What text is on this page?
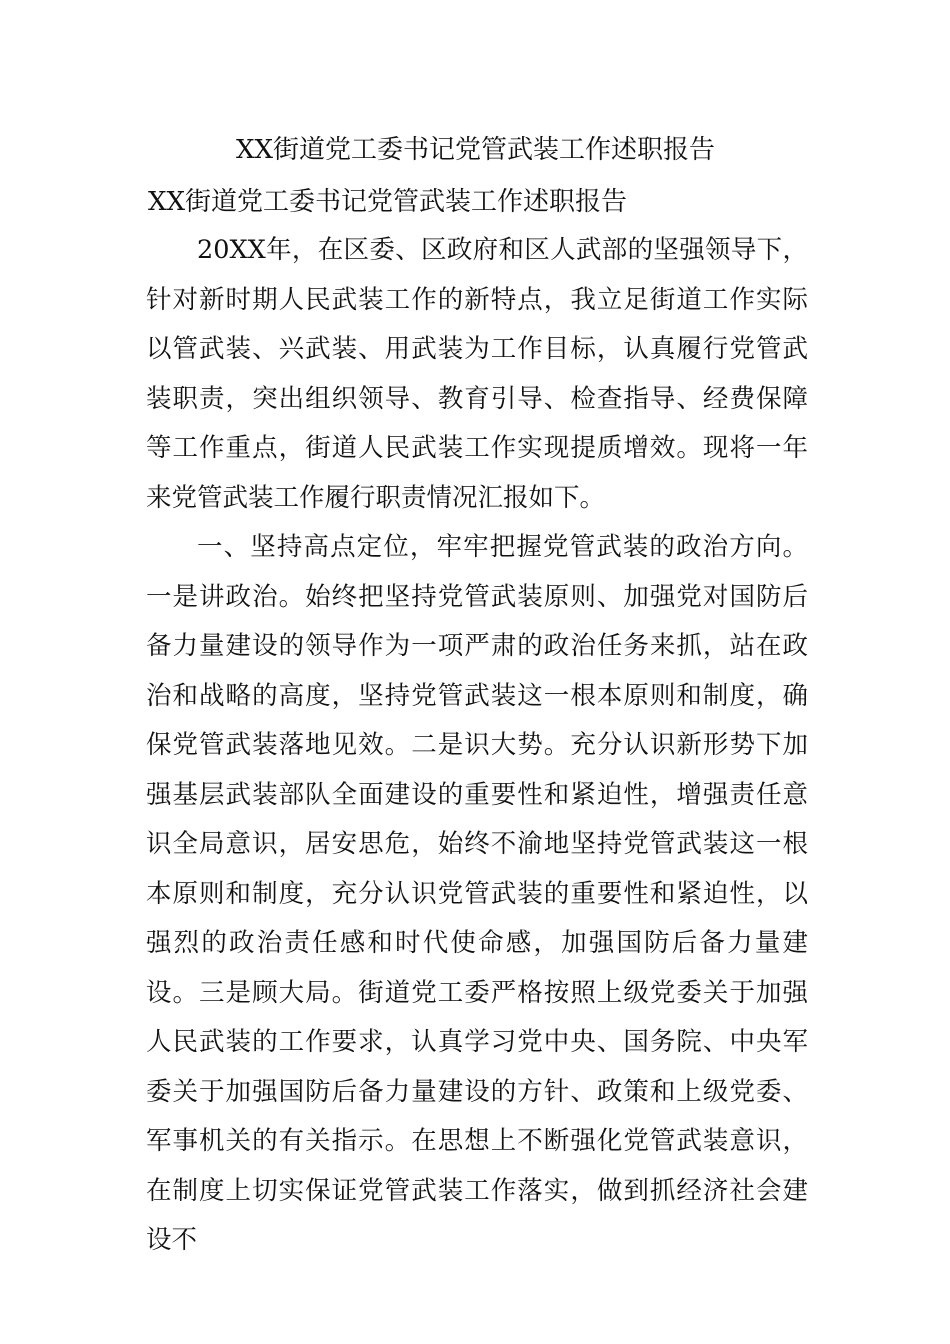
XX街道党工委书记党管武装工作述职报告
XX街道党工委书记党管武装工作述职报告

20XX年，在区委、区政府和区人武部的坚强领导下，针对新时期人民武装工作的新特点，我立足街道工作实际以管武装、兴武装、用武装为工作目标，认真履行党管武装职责，突出组织领导、教育引导、检查指导、经费保障等工作重点，街道人民武装工作实现提质增效。现将一年来党管武装工作履行职责情况汇报如下。

一、坚持高点定位，牢牢把握党管武装的政治方向。一是讲政治。始终把坚持党管武装原则、加强党对国防后备力量建设的领导作为一项严肃的政治任务来抓，站在政治和战略的高度，坚持党管武装这一根本原则和制度，确保党管武装落地见效。二是识大势。充分认识新形势下加强基层武装部队全面建设的重要性和紧迫性，增强责任意识全局意识，居安思危，始终不渝地坚持党管武装这一根本原则和制度，充分认识党管武装的重要性和紧迫性，以强烈的政治责任感和时代使命感，加强国防后备力量建设。三是顾大局。街道党工委严格按照上级党委关于加强人民武装的工作要求，认真学习党中央、国务院、中央军委关于加强国防后备力量建设的方针、政策和上级党委、军事机关的有关指示。在思想上不断强化党管武装意识，在制度上切实保证党管武装工作落实，做到抓经济社会建设不
